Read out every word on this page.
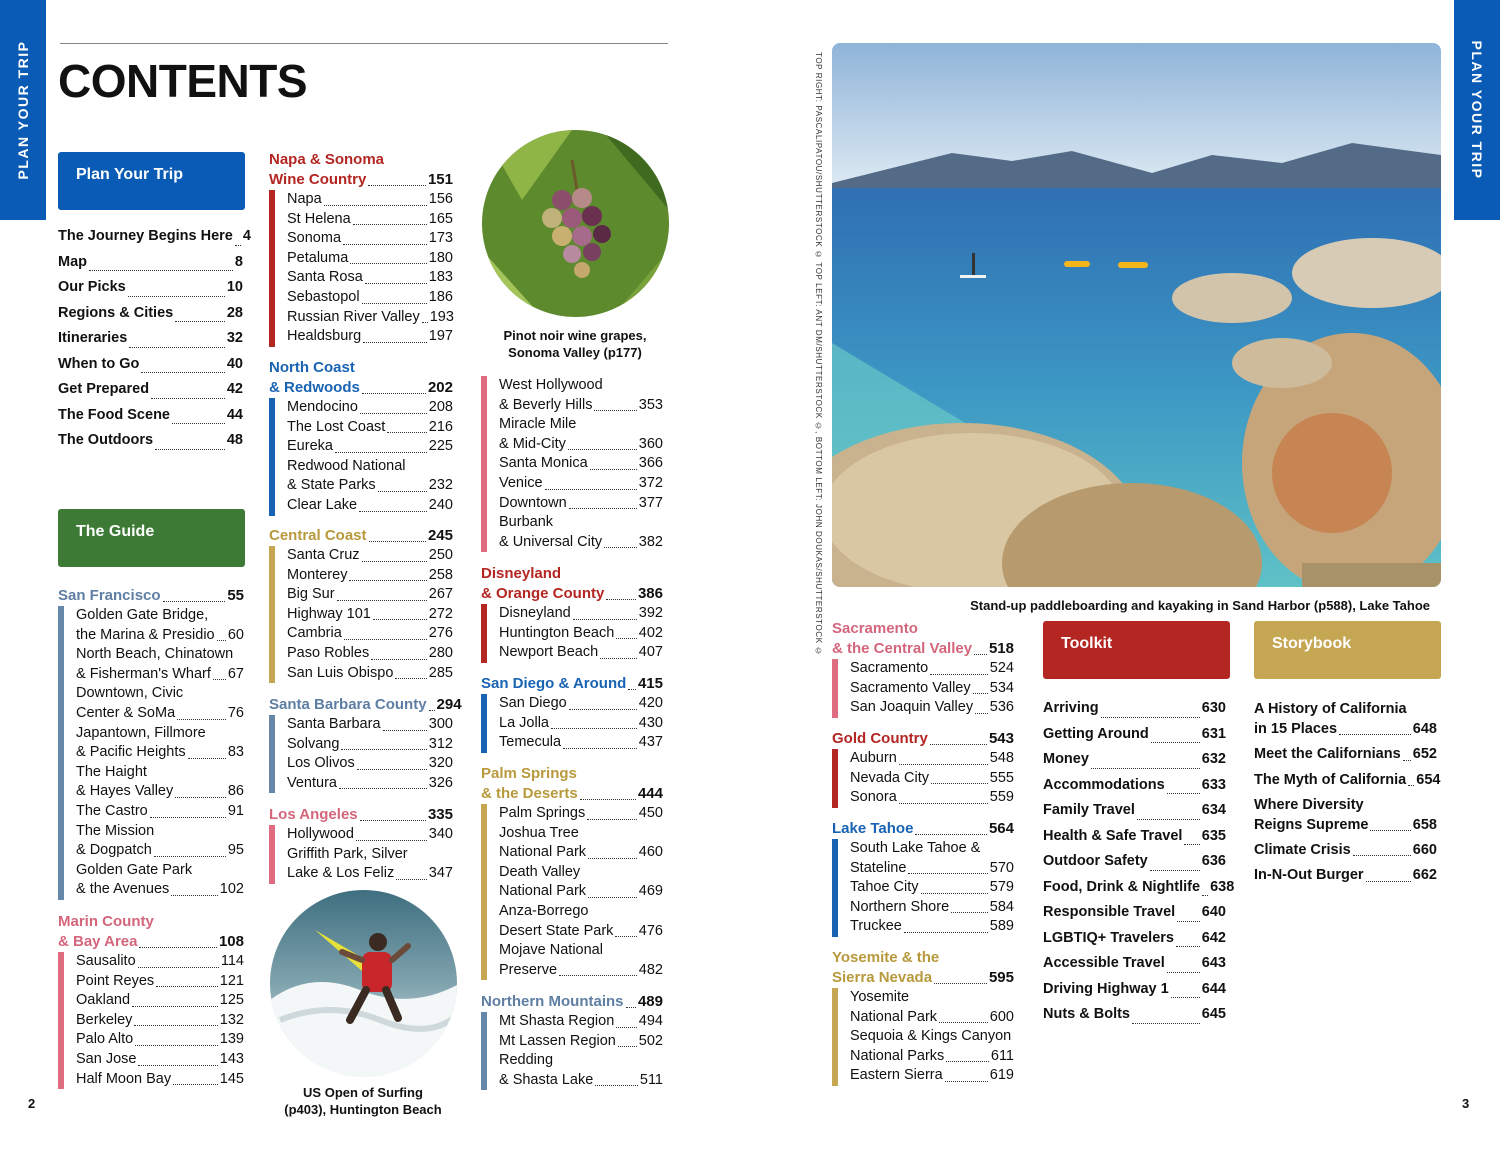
PLAN YOUR TRIP	PLAN YOUR TRIP
CONTENTS
Plan Your Trip
The Journey Begins Here 4
Map	8
Our Picks	10
Regions & Cities	28
Itineraries	32
When to Go	40
Get Prepared	42
The Food Scene	44
The Outdoors	48
The Guide
San Francisco	55
Golden Gate Bridge,
the Marina & Presidio 60
North Beach, Chinatown
& Fisherman's Wharf 67
Downtown, Civic
Center & SoMa	76
Japantown, Fillmore
& Pacific Heights	83
The Haight
& Hayes Valley	86
The Castro	91
The Mission
& Dogpatch	95
Golden Gate Park
& the Avenues	102
Marin County
& Bay Area	108
Sausalito	114
Point Reyes	121
Oakland	125
Berkeley	132
Palo Alto	139
San Jose	143
Half Moon Bay	145
Napa & Sonoma
Wine Country	151
Napa	156
St Helena	165
Sonoma	173
Petaluma	180
Santa Rosa	183
Sebastopol	186
Russian River Valley 193
Healdsburg	197
North Coast
& Redwoods	202
Mendocino	208
The Lost Coast	216
Eureka	225
Redwood National
& State Parks	232
Clear Lake	240
Central Coast	245
Santa Cruz	250
Monterey	258
Big Sur	267
Highway 101	272
Cambria	276
Paso Robles	280
San Luis Obispo 285
Santa Barbara County 294
Santa Barbara	300
Solvang	312
Los Olivos	320
Ventura	326
Los Angeles	335
Hollywood	340
Griffith Park, Silver
Lake & Los Feliz 347
US Open of Surfing
(p403), Huntington Beach
Pinot noir wine grapes,
Sonoma Valley (p177)
West Hollywood
& Beverly Hills	353
Miracle Mile
& Mid-City	360
Santa Monica	366
Venice	372
Downtown	377
Burbank
& Universal City	382
Disneyland
& Orange County 386
Disneyland	392
Huntington Beach 402
Newport Beach	407
San Diego & Around 415
San Diego	420
La Jolla	430
Temecula	437
Palm Springs
& the Deserts	444
Palm Springs	450
Joshua Tree
National Park	460
Death Valley
National Park	469
Anza-Borrego
Desert State Park 476
Mojave National
Preserve	482
Northern Mountains 489
Mt Shasta Region 494
Mt Lassen Region 502
Redding
& Shasta Lake	511
2
TOP RIGHT: PASCALIPATOU/SHUTTERSTOCK © TOP LEFT: ANT DM/SHUTTERSTOCK ©, BOTTOM LEFT: JOHN DOUKAS/SHUTTERSTOCK ©	Stand-up paddleboarding and kayaking in Sand Harbor (p588), Lake Tahoe
Sacramento
& the Central Valley 518
Sacramento	524
Sacramento Valley 534
San Joaquin Valley 536
Gold Country	543
Auburn	548
Nevada City	555
Sonora	559
Lake Tahoe	564
South Lake Tahoe &
Stateline	570
Tahoe City	579
Northern Shore	584
Truckee	589
Yosemite & the
Sierra Nevada	595
Yosemite
National Park	600
Sequoia & Kings Canyon
National Parks	611
Eastern Sierra	619
Toolkit
Arriving	630
Getting Around	631
Money	632
Accommodations	633
Family Travel	634
Health & Safe Travel 635
Outdoor Safety	636
Food, Drink & Nightlife 638
Responsible Travel 640
LGBTIQ+ Travelers 642
Accessible Travel	643
Driving Highway 1 644
Nuts & Bolts	645
Storybook
A History of California
in 15 Places	648
Meet the Californians 652
The Myth of California 654
Where Diversity
Reigns Supreme	658
Climate Crisis	660
In-N-Out Burger	662
3
